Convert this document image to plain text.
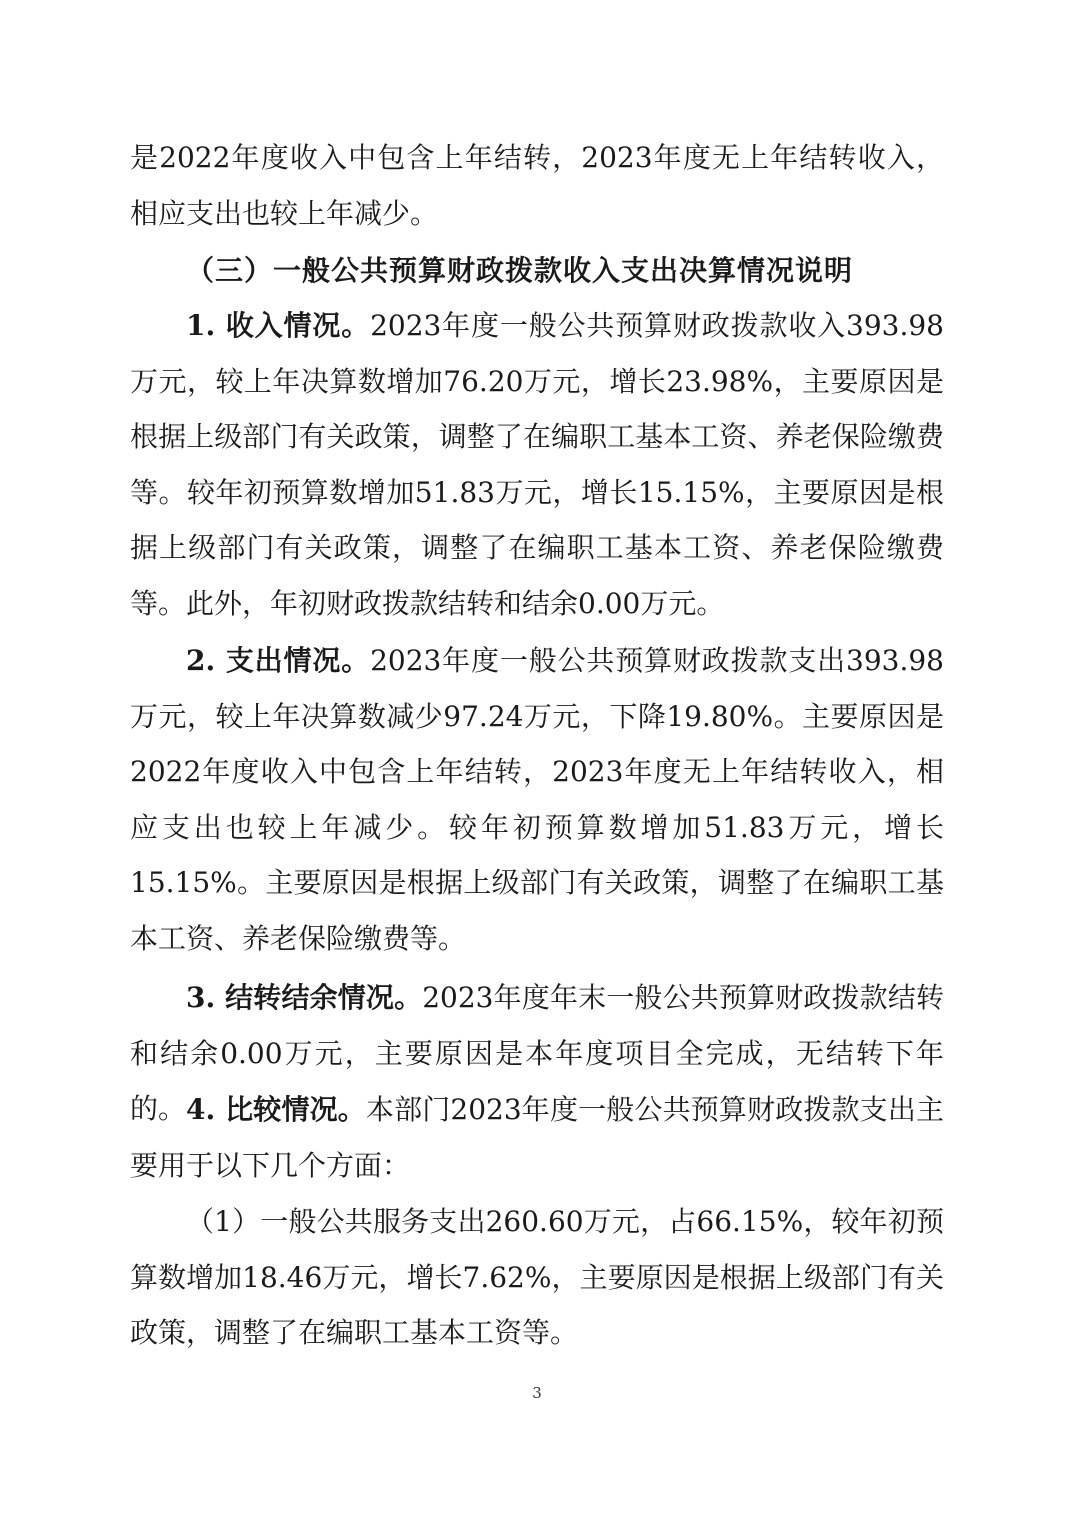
是2022年度收入中包含上年结转，2023年度无上年结转收入，相应支出也较上年减少。

（三）一般公共预算财政拨款收入支出决算情况说明

1. 收入情况。2023年度一般公共预算财政拨款收入393.98万元，较上年决算数增加76.20万元，增长23.98%，主要原因是根据上级部门有关政策，调整了在编职工基本工资、养老保险缴费等。较年初预算数增加51.83万元，增长15.15%，主要原因是根据上级部门有关政策，调整了在编职工基本工资、养老保险缴费等。此外，年初财政拨款结转和结余0.00万元。

2. 支出情况。2023年度一般公共预算财政拨款支出393.98万元，较上年决算数减少97.24万元，下降19.80%。主要原因是2022年度收入中包含上年结转，2023年度无上年结转收入，相应支出也较上年减少。较年初预算数增加51.83万元，增长15.15%。主要原因是根据上级部门有关政策，调整了在编职工基本工资、养老保险缴费等。

3. 结转结余情况。2023年度年末一般公共预算财政拨款结转和结余0.00万元，主要原因是本年度项目全完成，无结转下年的。 4. 比较情况。本部门2023年度一般公共预算财政拨款支出主要用于以下几个方面：

（1）一般公共服务支出260.60万元，占66.15%，较年初预算数增加18.46万元，增长7.62%，主要原因是根据上级部门有关政策，调整了在编职工基本工资等。

3
